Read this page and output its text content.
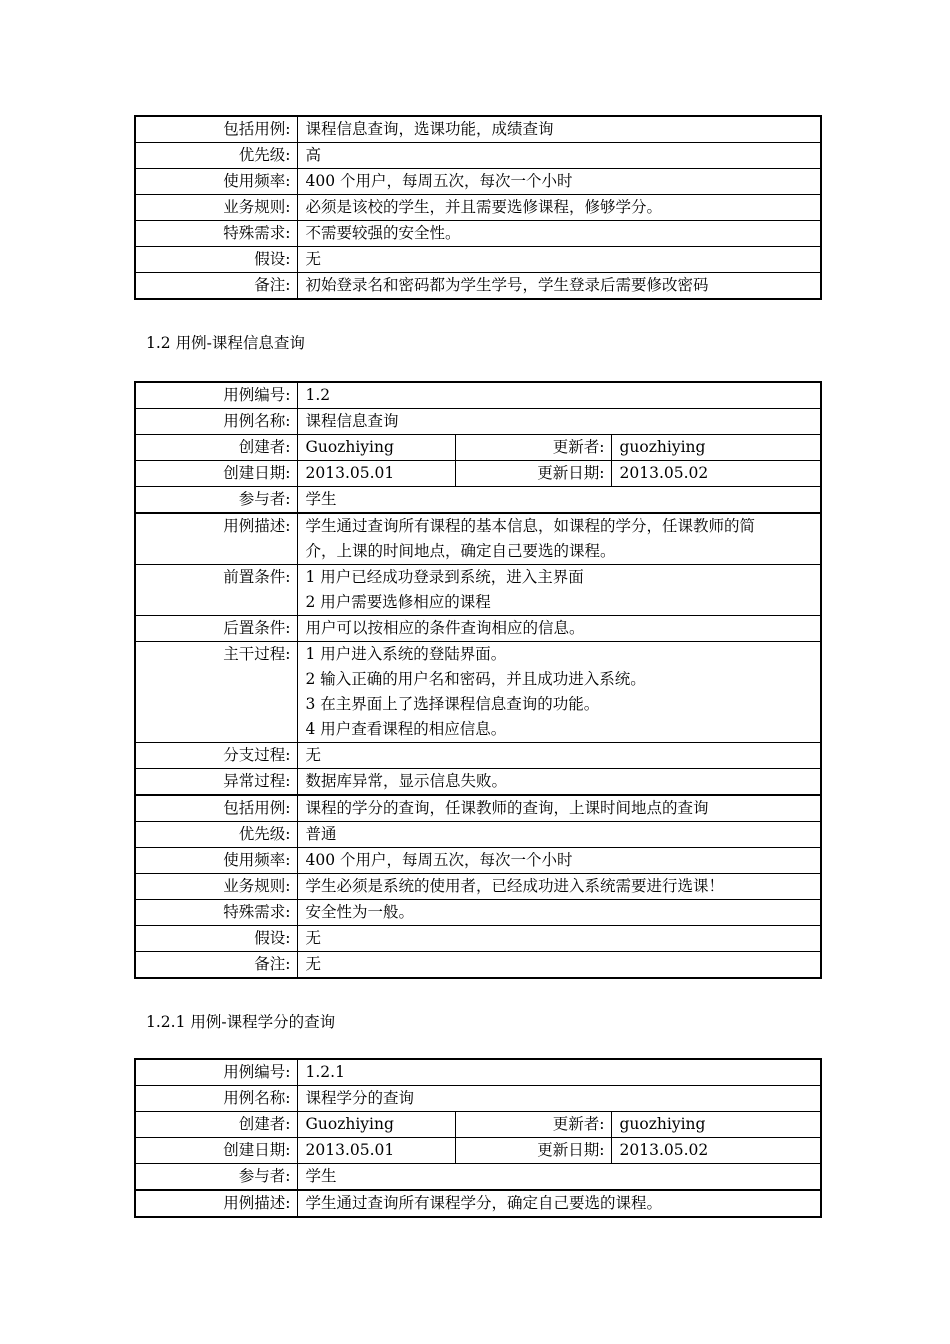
包括用例:	课程信息查询，选课功能，成绩查询
优先级:	高
使用频率:	400 个用户，每周五次，每次一个小时
业务规则:	必须是该校的学生，并且需要选修课程，修够学分。
特殊需求:	不需要较强的安全性。
假设:	无
备注:	初始登录名和密码都为学生学号，学生登录后需要修改密码
1.2 用例-课程信息查询
用例编号:	1.2		
用例名称:	课程信息查询		
创建者:	Guozhiying	更新者:	guozhiying
创建日期:	2013.05.01	更新日期:	2013.05.02
参与者:	学生		
用例描述:	学生通过查询所有课程的基本信息，如课程的学分，任课教师的简
介，上课的时间地点，确定自己要选的课程。		

前置条件:	1 用户已经成功登录到系统，进入主界面
2 用户需要选修相应的课程		

后置条件:	用户可以按相应的条件查询相应的信息。		
主干过程:	1 用户进入系统的登陆界面。
2 输入正确的用户名和密码，并且成功进入系统。
3 在主界面上了选择课程信息查询的功能。
4 用户查看课程的相应信息。		

分支过程:	无		
异常过程:	数据库异常，显示信息失败。		
包括用例:	课程的学分的查询，任课教师的查询，上课时间地点的查询		
优先级:	普通		
使用频率:	400 个用户，每周五次，每次一个小时		
业务规则:	学生必须是系统的使用者，已经成功进入系统需要进行选课！		
特殊需求:	安全性为一般。		
假设:	无		
备注:	无		
1.2.1 用例-课程学分的查询
用例编号:	1.2.1		
用例名称:	课程学分的查询		
创建者:	Guozhiying	更新者:	guozhiying
创建日期:	2013.05.01	更新日期:	2013.05.02
参与者:	学生		
用例描述:	学生通过查询所有课程学分，确定自己要选的课程。		
